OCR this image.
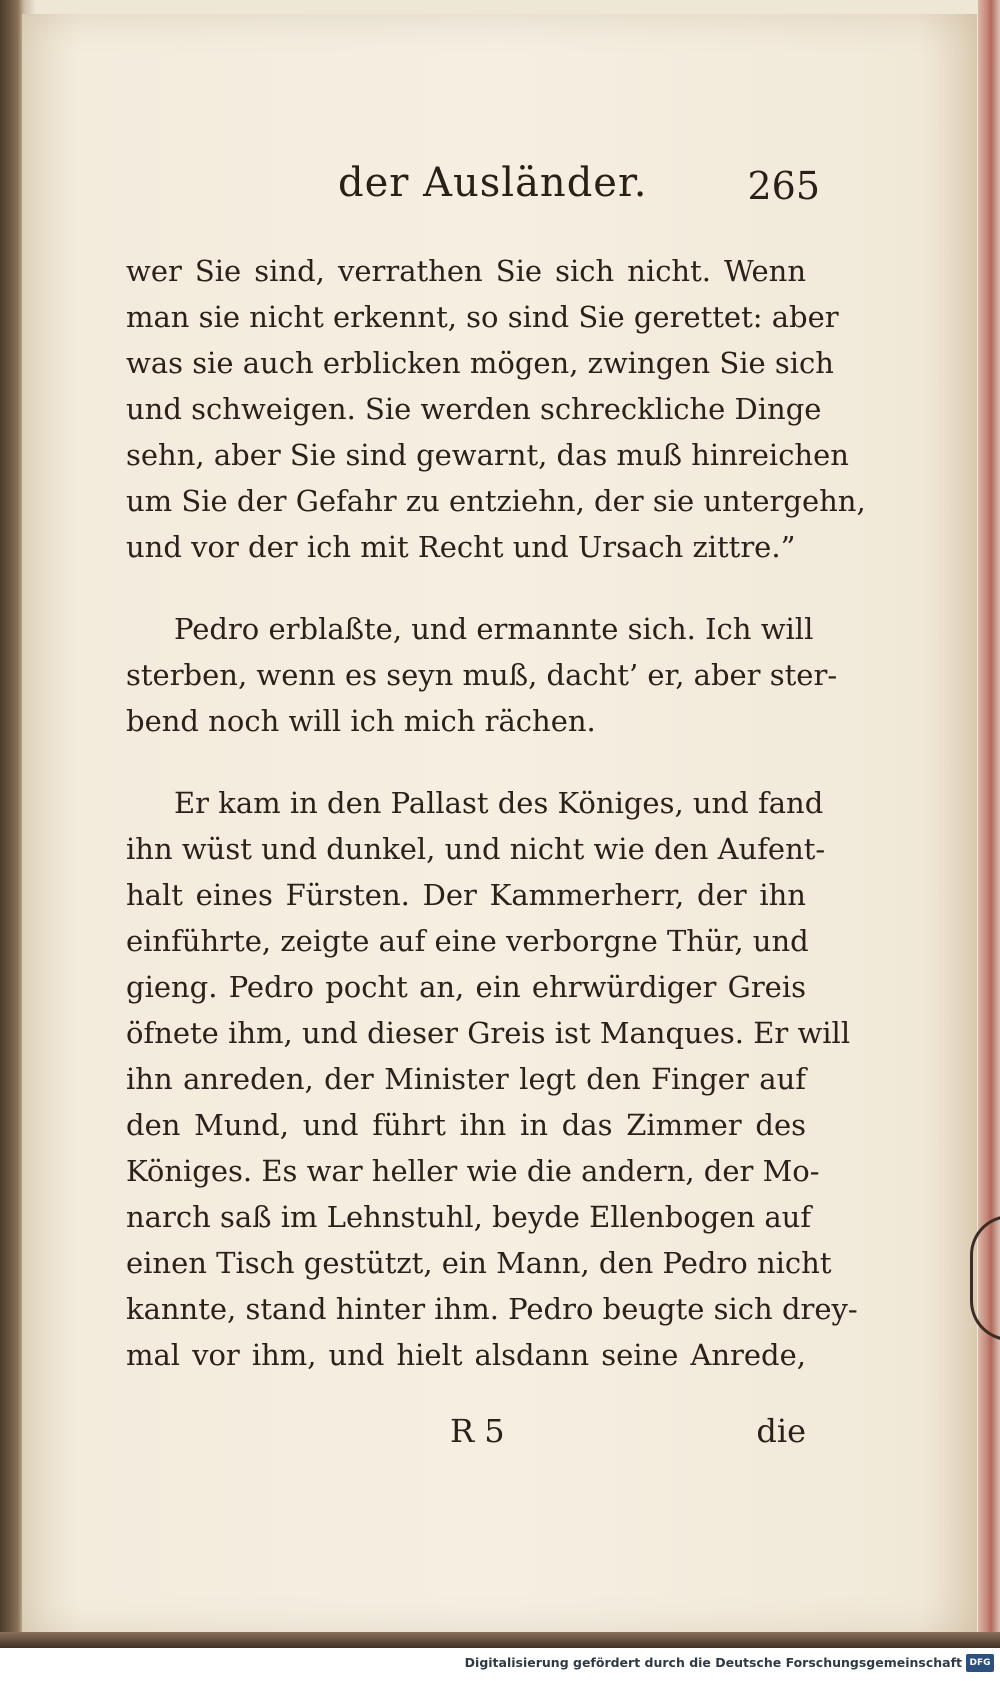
der Ausländer.	265

wer Sie sind, verrathen Sie sich nicht. Wenn
man sie nicht erkennt, so sind Sie gerettet: aber
was sie auch erblicken mögen, zwingen Sie sich
und schweigen. Sie werden schreckliche Dinge
sehn, aber Sie sind gewarnt, das muß hinreichen
um Sie der Gefahr zu entziehn, der sie untergehn,
und vor der ich mit Recht und Ursach zittre.”

Pedro erblaßte, und ermannte sich. Ich will
sterben, wenn es seyn muß, dacht’ er, aber ster-
bend noch will ich mich rächen.

Er kam in den Pallast des Königes, und fand
ihn wüst und dunkel, und nicht wie den Aufent-
halt eines Fürsten. Der Kammerherr, der ihn
einführte, zeigte auf eine verborgne Thür, und
gieng. Pedro pocht an, ein ehrwürdiger Greis
öfnete ihm, und dieser Greis ist Manques. Er will
ihn anreden, der Minister legt den Finger auf
den Mund, und führt ihn in das Zimmer des
Königes. Es war heller wie die andern, der Mo-
narch saß im Lehnstuhl, beyde Ellenbogen auf
einen Tisch gestützt, ein Mann, den Pedro nicht
kannte, stand hinter ihm. Pedro beugte sich drey-
mal vor ihm, und hielt alsdann seine Anrede,

R 5	die
Digitalisierung gefördert durch die Deutsche Forschungsgemeinschaft DFG
